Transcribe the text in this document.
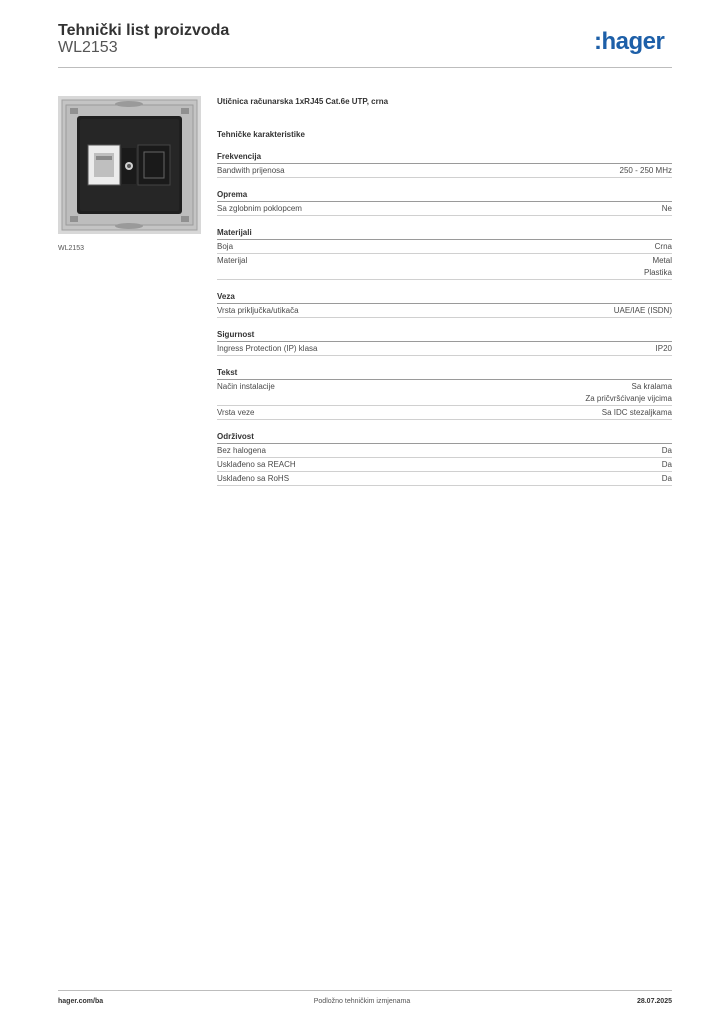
Tehnički list proizvoda
WL2153	:hager
WL2153
Utičnica računarska 1xRJ45 Cat.6e UTP, crna
Tehničke karakteristike
Frekvencija
Bandwith prijenosa	250 - 250 MHz
Oprema
Sa zglobnim poklopcem	Ne
Materijali
Boja	Crna
Materijal	Metal
Plastika
Veza
Vrsta priključka/utikača	UAE/IAE (ISDN)
Sigurnost
Ingress Protection (IP) klasa	IP20
Tekst
Način instalacije	Sa kralama
Za pričvršćivanje vijcima
Vrsta veze	Sa IDC stezaljkama
Održivost
Bez halogena	Da
Usklađeno sa REACH	Da
Usklađeno sa RoHS	Da
hager.com/ba	Podložno tehničkim izmjenama	28.07.2025
